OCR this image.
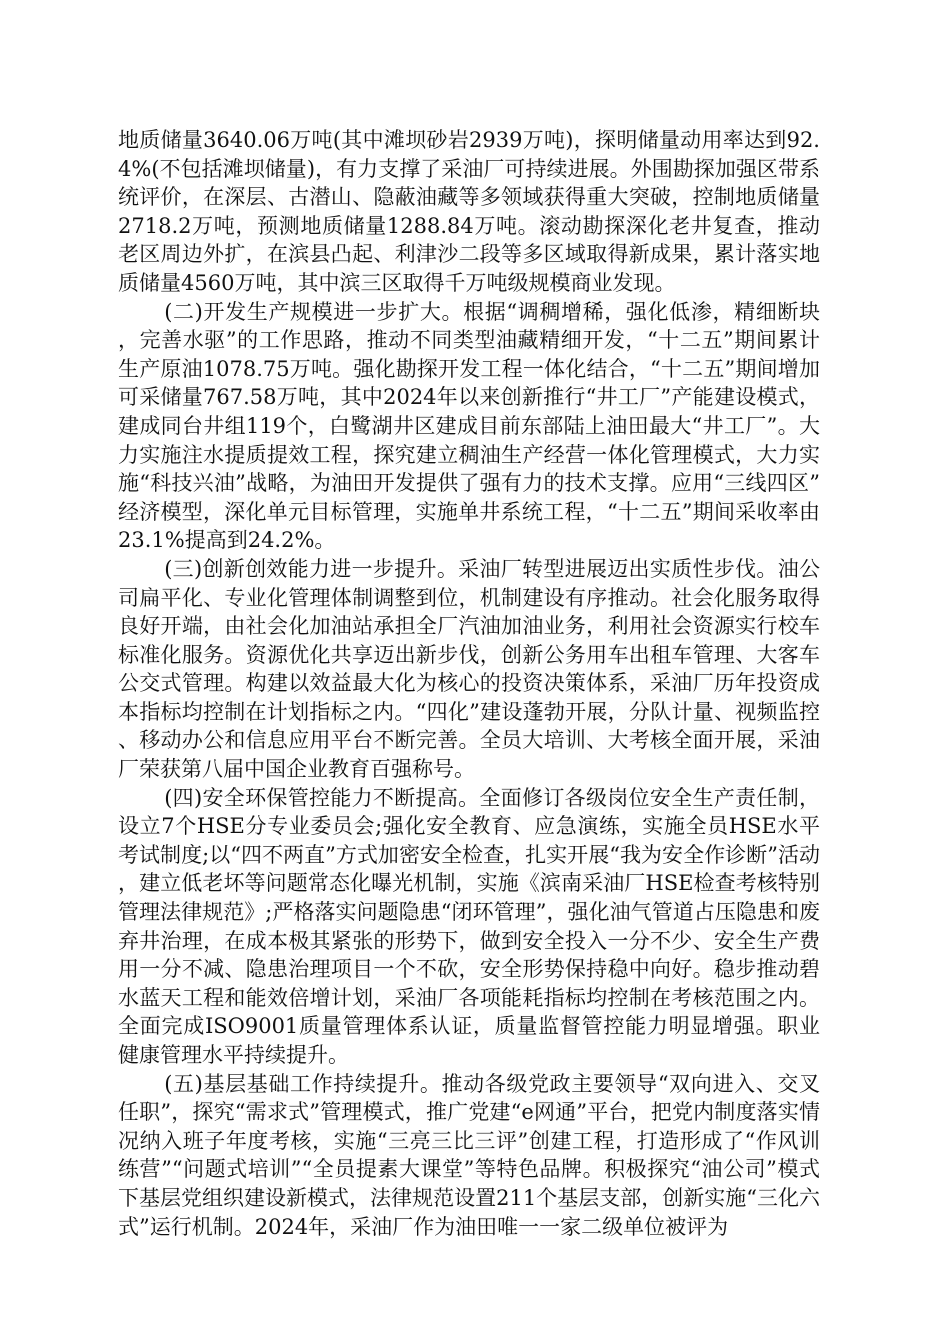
地质储量3640.06万吨(其中滩坝砂岩2939万吨)，探明储量动用率达到92.4%(不包括滩坝储量)，有力支撑了采油厂可持续进展。外围勘探加强区带系统评价，在深层、古潜山、隐蔽油藏等多领域获得重大突破，控制地质储量2718.2万吨，预测地质储量1288.84万吨。滚动勘探深化老井复查，推动老区周边外扩，在滨县凸起、利津沙二段等多区域取得新成果，累计落实地质储量4560万吨，其中滨三区取得千万吨级规模商业发现。

(二)开发生产规模进一步扩大。根据“调稠增稀，强化低渗，精细断块，完善水驱”的工作思路，推动不同类型油藏精细开发，“十二五”期间累计生产原油1078.75万吨。强化勘探开发工程一体化结合，“十二五”期间增加可采储量767.58万吨，其中2024年以来创新推行“井工厂”产能建设模式，建成同台井组119个，白鹭湖井区建成目前东部陆上油田最大“井工厂”。大力实施注水提质提效工程，探究建立稠油生产经营一体化管理模式，大力实施“科技兴油”战略，为油田开发提供了强有力的技术支撑。应用“三线四区”经济模型，深化单元目标管理，实施单井系统工程，“十二五”期间采收率由23.1%提高到24.2%。

(三)创新创效能力进一步提升。采油厂转型进展迈出实质性步伐。油公司扁平化、专业化管理体制调整到位，机制建设有序推动。社会化服务取得良好开端，由社会化加油站承担全厂汽油加油业务，利用社会资源实行校车标准化服务。资源优化共享迈出新步伐，创新公务用车出租车管理、大客车公交式管理。构建以效益最大化为核心的投资决策体系，采油厂历年投资成本指标均控制在计划指标之内。“四化”建设蓬勃开展，分队计量、视频监控、移动办公和信息应用平台不断完善。全员大培训、大考核全面开展，采油厂荣获第八届中国企业教育百强称号。

(四)安全环保管控能力不断提高。全面修订各级岗位安全生产责任制，设立7个HSE分专业委员会;强化安全教育、应急演练，实施全员HSE水平考试制度;以“四不两直”方式加密安全检查，扎实开展“我为安全作诊断”活动，建立低老坏等问题常态化曝光机制，实施《滨南采油厂HSE检查考核特别管理法律规范》;严格落实问题隐患“闭环管理”，强化油气管道占压隐患和废弃井治理，在成本极其紧张的形势下，做到安全投入一分不少、安全生产费用一分不减、隐患治理项目一个不砍，安全形势保持稳中向好。稳步推动碧水蓝天工程和能效倍增计划，采油厂各项能耗指标均控制在考核范围之内。全面完成ISO9001质量管理体系认证，质量监督管控能力明显增强。职业健康管理水平持续提升。

(五)基层基础工作持续提升。推动各级党政主要领导“双向进入、交叉任职”，探究“需求式”管理模式，推广党建“e网通”平台，把党内制度落实情况纳入班子年度考核，实施“三亮三比三评”创建工程，打造形成了“作风训练营”“问题式培训”“全员提素大课堂”等特色品牌。积极探究“油公司”模式下基层党组织建设新模式，法律规范设置211个基层支部，创新实施“三化六式”运行机制。2024年，采油厂作为油田唯一一家二级单位被评为
